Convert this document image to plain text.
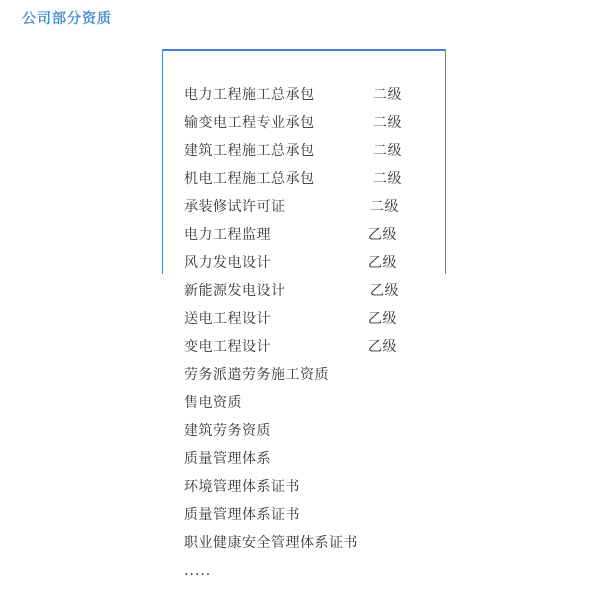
公司部分资质
电力工程施工总承包	二级
输变电工程专业承包	二级
建筑工程施工总承包	二级
机电工程施工总承包	二级
承装修试许可证	二级
电力工程监理	乙级
风力发电设计	乙级
新能源发电设计	乙级
送电工程设计	乙级
变电工程设计	乙级
劳务派遣劳务施工资质
售电资质
建筑劳务资质
质量管理体系
环境管理体系证书
质量管理体系证书
职业健康安全管理体系证书
.....
